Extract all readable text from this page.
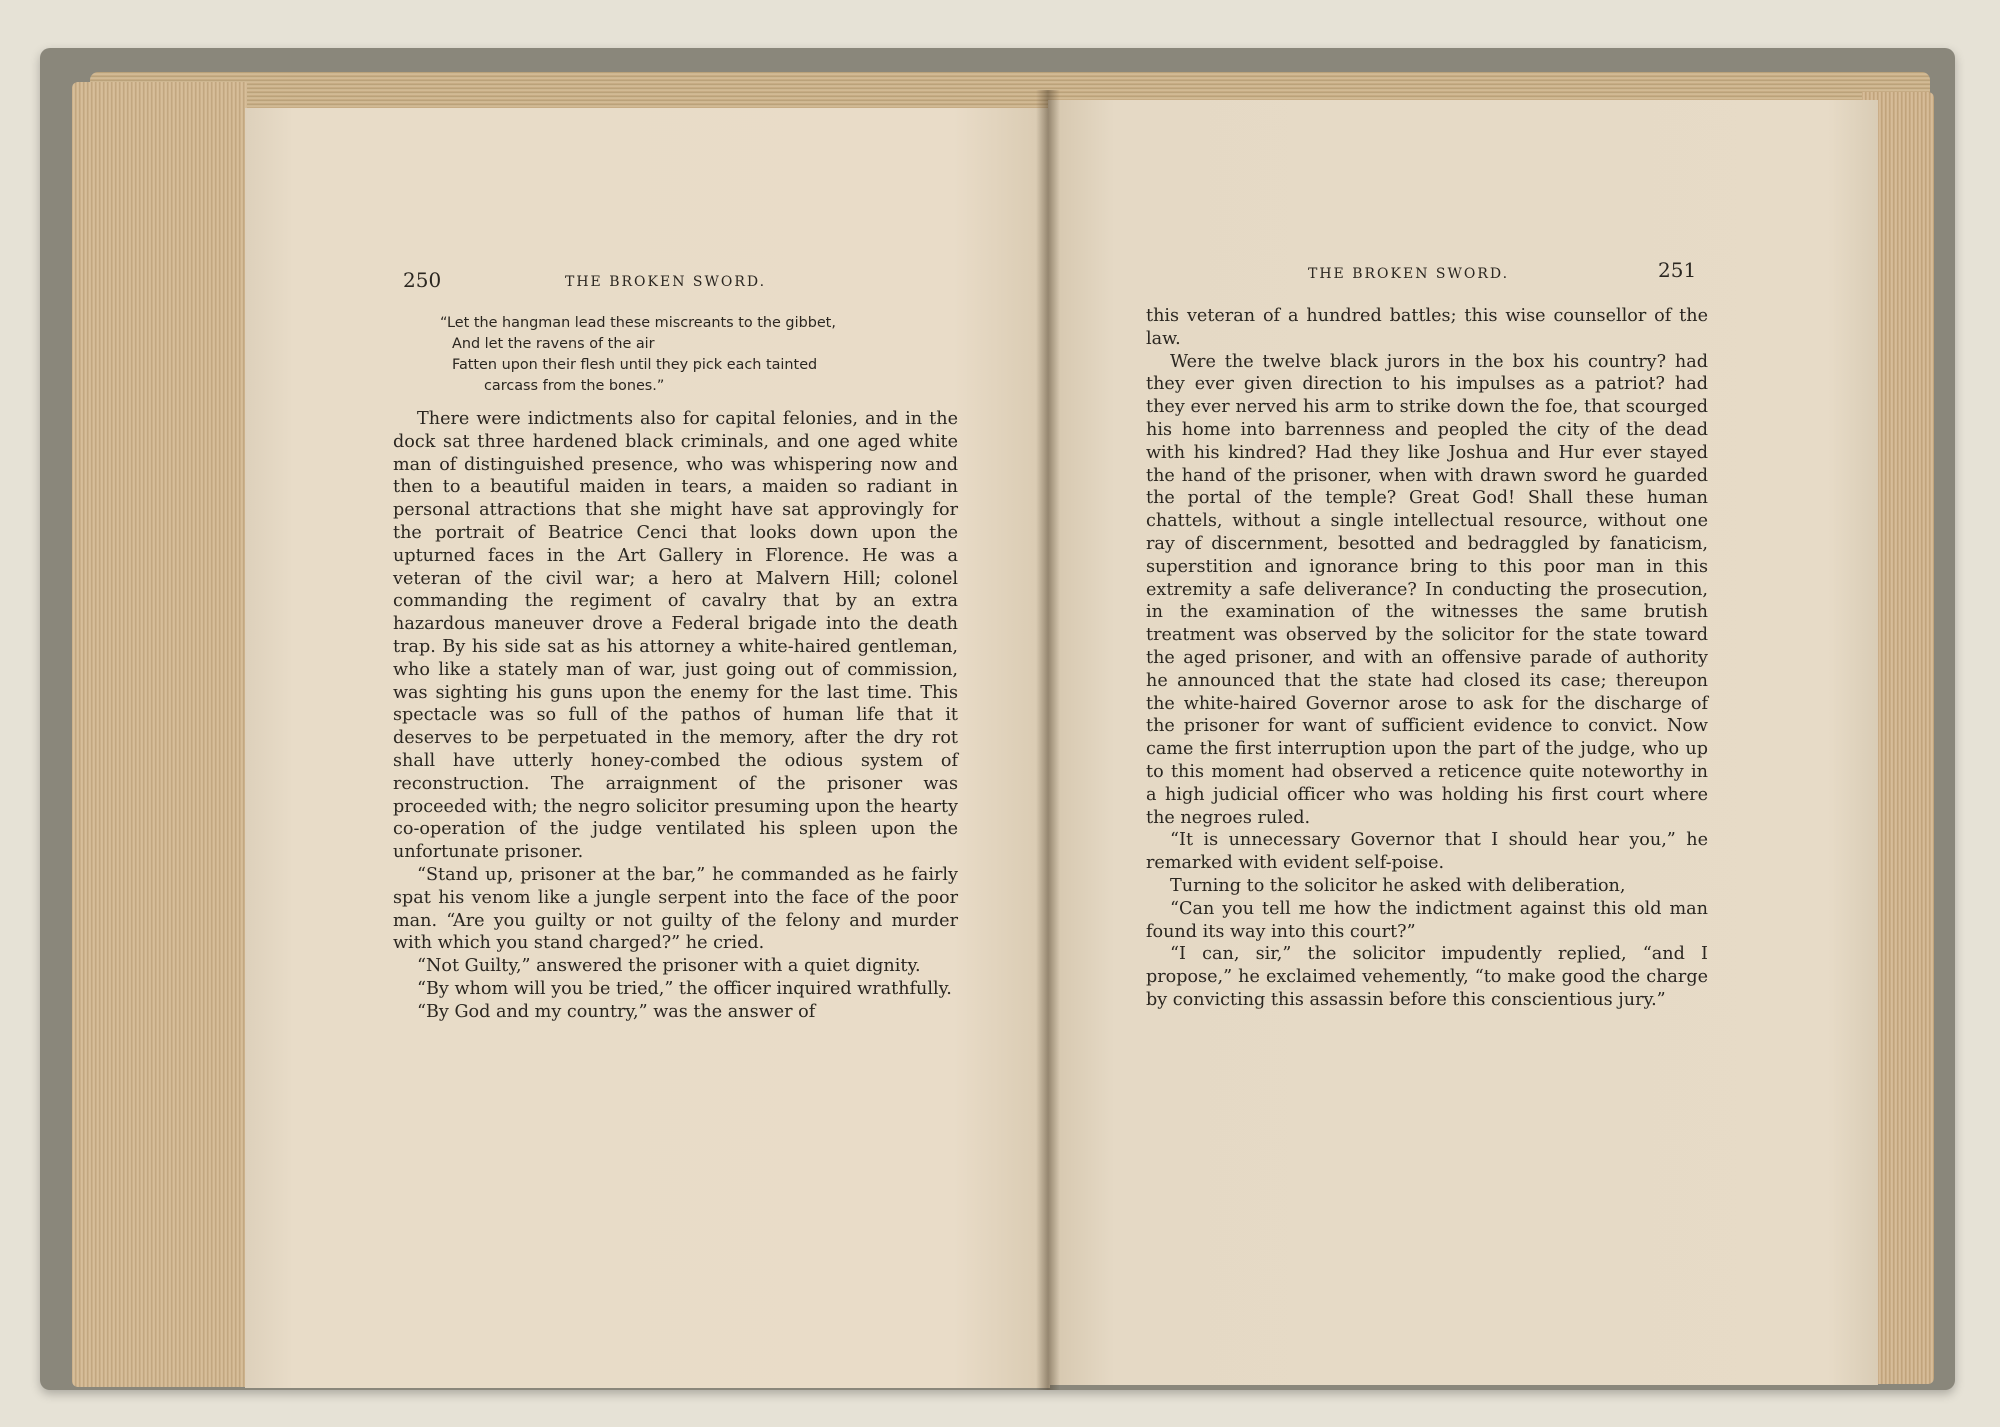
250	THE BROKEN SWORD.
“Let the hangman lead these miscreants to the gibbet,
And let the ravens of the air
Fatten upon their flesh until they pick each tainted
carcass from the bones.”

There were indictments also for capital felonies, and in the dock sat three hardened black criminals, and one aged white man of distinguished presence, who was whispering now and then to a beautiful maiden in tears, a maiden so radiant in personal attractions that she might have sat approvingly for the portrait of Beatrice Cenci that looks down upon the upturned faces in the Art Gallery in Florence. He was a veteran of the civil war; a hero at Malvern Hill; colonel commanding the regiment of cavalry that by an extra hazardous maneuver drove a Federal brigade into the death trap. By his side sat as his attorney a white-haired gentleman, who like a stately man of war, just going out of commission, was sighting his guns upon the enemy for the last time. This spectacle was so full of the pathos of human life that it deserves to be perpetuated in the memory, after the dry rot shall have utterly honey-combed the odious system of reconstruction. The arraignment of the prisoner was proceeded with; the negro solicitor presuming upon the hearty co-operation of the judge ventilated his spleen upon the unfortunate prisoner.

“Stand up, prisoner at the bar,” he commanded as he fairly spat his venom like a jungle serpent into the face of the poor man. “Are you guilty or not guilty of the felony and murder with which you stand charged?” he cried.

“Not Guilty,” answered the prisoner with a quiet dignity.

“By whom will you be tried,” the officer inquired wrathfully.

“By God and my country,” was the answer of

THE BROKEN SWORD.	251

this veteran of a hundred battles; this wise counsellor of the law.

Were the twelve black jurors in the box his country? had they ever given direction to his impulses as a patriot? had they ever nerved his arm to strike down the foe, that scourged his home into barrenness and peopled the city of the dead with his kindred? Had they like Joshua and Hur ever stayed the hand of the prisoner, when with drawn sword he guarded the portal of the temple? Great God! Shall these human chattels, without a single intellectual resource, without one ray of discernment, besotted and bedraggled by fanaticism, superstition and ignorance bring to this poor man in this extremity a safe deliverance? In conducting the prosecution, in the examination of the witnesses the same brutish treatment was observed by the solicitor for the state toward the aged prisoner, and with an offensive parade of authority he announced that the state had closed its case; thereupon the white-haired Governor arose to ask for the discharge of the prisoner for want of sufficient evidence to convict. Now came the first interruption upon the part of the judge, who up to this moment had observed a reticence quite noteworthy in a high judicial officer who was holding his first court where the negroes ruled.

“It is unnecessary Governor that I should hear you,” he remarked with evident self-poise.

Turning to the solicitor he asked with deliberation,

“Can you tell me how the indictment against this old man found its way into this court?”

“I can, sir,” the solicitor impudently replied, “and I propose,” he exclaimed vehemently, “to make good the charge by convicting this assassin before this conscientious jury.”
